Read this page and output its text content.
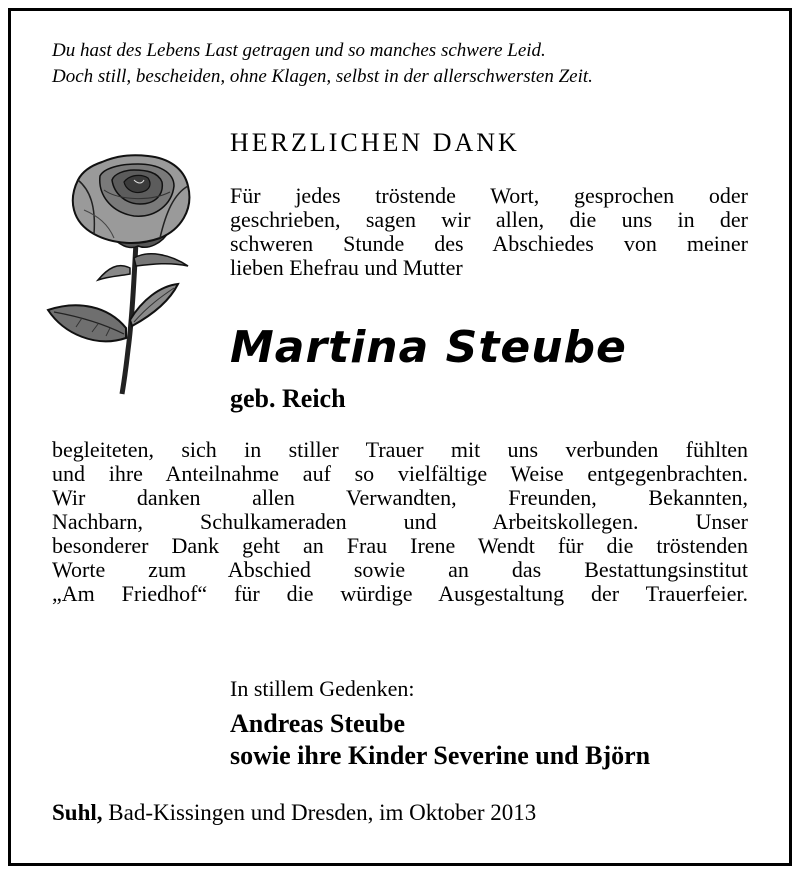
Du hast des Lebens Last getragen und so manches schwere Leid.
Doch still, bescheiden, ohne Klagen, selbst in der allerschwersten Zeit.
HERZLICHEN DANK
Für jedes tröstende Wort, gesprochen oder
geschrieben, sagen wir allen, die uns in der
schweren Stunde des Abschiedes von meiner
lieben Ehefrau und Mutter
Martina Steube
geb. Reich
begleiteten, sich in stiller Trauer mit uns verbunden fühlten
und ihre Anteilnahme auf so vielfältige Weise entgegenbrachten.
Wir danken allen Verwandten, Freunden, Bekannten,
Nachbarn, Schulkameraden und Arbeitskollegen. Unser
besonderer Dank geht an Frau Irene Wendt für die tröstenden
Worte zum Abschied sowie an das Bestattungsinstitut
„Am Friedhof“ für die würdige Ausgestaltung der Trauerfeier.
In stillem Gedenken:
Andreas Steube
sowie ihre Kinder Severine und Björn
Suhl, Bad-Kissingen und Dresden, im Oktober 2013
